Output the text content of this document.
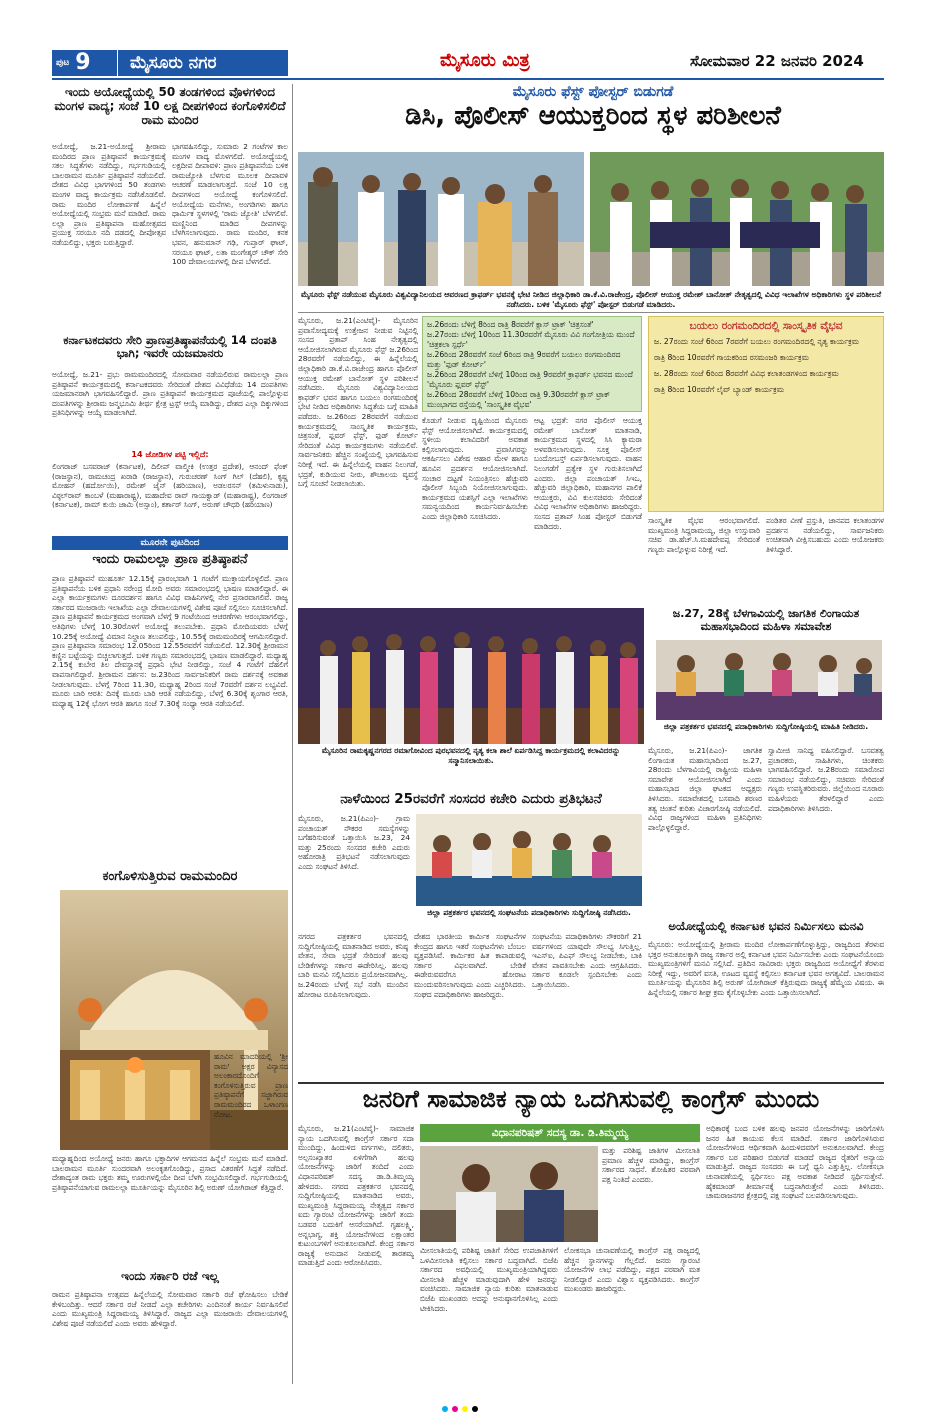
ಪುಟ 9	ಮೈಸೂರು ನಗರ	ಮೈಸೂರು ಮಿತ್ರ	ಸೋಮವಾರ 22 ಜನವರಿ 2024
ಇಂದು ಅಯೋಧ್ಯೆಯಲ್ಲಿ 50 ತಂಡಗಳಿಂದ ವೊಳಗಳಿಂದ ಮಂಗಳ ವಾದ್ಯ; ಸಂಜೆ 10 ಲಕ್ಷ ದೀಪಗಳಿಂದ ಕಂಗೊಳಿಸಲಿದೆ ರಾಮ ಮಂದಿರ
ಅಯೋಧ್ಯೆ, ಜ.21-ಅಯೋಧ್ಯೆ ಶ್ರೀರಾಮ ಮಂದಿರದ ಪ್ರಾಣ ಪ್ರತಿಷ್ಠಾಪನೆ ಕಾರ್ಯಕ್ರಮಕ್ಕೆ ಸಕಲ ಸಿದ್ಧತೆಗಳು ನಡೆದಿದ್ದು, ಗರ್ಭಗುಡಿಯಲ್ಲಿ ಬಾಲರಾಮನ ಮೂರ್ತಿ ಪ್ರತಿಷ್ಠಾಪನೆ ನಡೆಯಲಿದೆ. ದೇಶದ ವಿವಿಧ ಭಾಗಗಳಿಂದ 50 ತಂಡಗಳು ಮಂಗಳ ವಾದ್ಯ ಕಾರ್ಯಕ್ರಮ ನಡೆಸಿಕೊಡಲಿವೆ. ರಾಮ ಮಂದಿರ ಲೋಕಾರ್ಪಣೆ ಹಿನ್ನೆಲೆ ಅಯೋಧ್ಯೆಯಲ್ಲಿ ಸಂಭ್ರಮ ಮನೆ ಮಾಡಿದೆ. ರಾಮ ಲಲ್ಲಾ ಪ್ರಾಣ ಪ್ರತಿಷ್ಠಾಪನಾ ಮಹೋತ್ಸವದ ಪ್ರಯುಕ್ತ ಸರಯೂ ನದಿ ದಡದಲ್ಲಿ ದೀಪೋತ್ಸವ ನಡೆಯಲಿದ್ದು, ಭಕ್ತರು ಬರುತ್ತಿದ್ದಾರೆ.
ಭಾಗವಹಿಸಲಿದ್ದು, ಸುಮಾರು 2 ಗಂಟೆಗಳ ಕಾಲ ಮಂಗಳ ವಾದ್ಯ ಮೊಳಗಲಿದೆ. ಅಯೋಧ್ಯೆಯಲ್ಲಿ ಲಕ್ಷದೀಪ ದೀಪಾವಳಿ: ಪ್ರಾಣ ಪ್ರತಿಷ್ಠಾಪನೆಯ ಬಳಿಕ ರಾಮಜ್ಯೋತಿ ಬೆಳಗುವ ಮೂಲಕ ದೀಪಾವಳಿ ಆಚರಣೆ ಮಾಡಲಾಗುತ್ತದೆ. ಸಂಜೆ 10 ಲಕ್ಷ ದೀಪಗಳಿಂದ ಅಯೋಧ್ಯೆ ಕಂಗೊಳಿಸಲಿದೆ. ಅಯೋಧ್ಯೆಯ ಮನೆಗಳು, ಅಂಗಡಿಗಳು ಹಾಗೂ ಧಾರ್ಮಿಕ ಸ್ಥಳಗಳಲ್ಲಿ 'ರಾಮ ಜ್ಯೋತಿ' ಬೆಳಗಲಿವೆ. ಮಣ್ಣಿನಿಂದ ಮಾಡಿದ ದೀಪಗಳನ್ನು ಬೆಳಗಿಸಲಾಗುವುದು. ರಾಮ ಮಂದಿರ, ಕನಕ ಭವನ, ಹನುಮಾನ್ ಗಢಿ, ಗುಪ್ತಾರ್ ಘಾಟ್, ಸರಯೂ ಘಾಟ್, ಲತಾ ಮಂಗೇಶ್ಕರ್ ಚೌಕ್ ಸೇರಿ 100 ದೇವಾಲಯಗಳಲ್ಲಿ ದೀಪ ಬೆಳಗಲಿದೆ.
ಕರ್ನಾಟಕದವರು ಸೇರಿ ಪ್ರಾಣಪ್ರತಿಷ್ಠಾಪನೆಯಲ್ಲಿ 14 ದಂಪತಿ ಭಾಗಿ; ಇವರೇ ಯಜಮಾನರು
ಅಯೋಧ್ಯೆ, ಜ.21- ಪ್ರಭು ರಾಮಮಂದಿರದಲ್ಲಿ ಸೋಮವಾರ ನಡೆಯಲಿರುವ ರಾಮಲಲ್ಲಾ ಪ್ರಾಣ ಪ್ರತಿಷ್ಠಾಪನೆ ಕಾರ್ಯಕ್ರಮದಲ್ಲಿ ಕರ್ನಾಟಕದವರು ಸೇರಿದಂತೆ ದೇಶದ ವಿವಿಧೆಡೆಯ 14 ದಂಪತಿಗಳು ಯಜಮಾನರಾಗಿ ಭಾಗವಹಿಸಲಿದ್ದಾರೆ. ಪ್ರಾಣ ಪ್ರತಿಷ್ಠಾಪನೆ ಕಾರ್ಯಕ್ರಮದ ಪೂಜೆಯಲ್ಲಿ ಪಾಲ್ಗೊಳ್ಳುವ ದಂಪತಿಗಳನ್ನು ಶ್ರೀರಾಮ ಜನ್ಮಭೂಮಿ ತೀರ್ಥ ಕ್ಷೇತ್ರ ಟ್ರಸ್ಟ್ ಆಯ್ಕೆ ಮಾಡಿದ್ದು, ದೇಶದ ಎಲ್ಲಾ ದಿಕ್ಕುಗಳಿಂದ ಪ್ರತಿನಿಧಿಗಳನ್ನು ಆಯ್ಕೆ ಮಾಡಲಾಗಿದೆ.
14 ಜೋಡಿಗಳ ಪಟ್ಟಿ ಇಲ್ಲಿದೆ:
ಲಿಂಗರಾಜ್ ಬಸವರಾಜ್ (ಕರ್ನಾಟಕ), ದಿಲೀಪ್ ವಾಲ್ಮೀಕಿ (ಉತ್ತರ ಪ್ರದೇಶ), ಆನಂದ್ ಫೆಂಕ್ (ರಾಜಸ್ಥಾನ), ರಾಮಚಂದ್ರ ಖರಾಡಿ (ರಾಜಸ್ಥಾನ), ಗುರುಚರಣ್ ಸಿಂಗ್ ಗಿಲ್ (ದೆಹಲಿ), ಕೃಷ್ಣ ಮೋಹನ್ (ಹರ್ದೋಯಿ), ರಮೇಶ್ ಜೈನ್ (ಹರಿಯಾಣ), ಅಡಲರಸನ್ (ತಮಿಳುನಾಡು), ವಿಠ್ಠಲ್‌ರಾವ್ ಕಾಂಬಳೆ (ಮಹಾರಾಷ್ಟ್ರ), ಮಹಾದೇವ ರಾವ್ ಗಾಯಕ್ವಾಡ್ (ಮಹಾರಾಷ್ಟ್ರ), ಲಿಂಗರಾಜ್ (ಕರ್ನಾಟಕ), ರಾಮ್ ಕುಯಿ ಜಾಮಿ (ಅಸ್ಸಾಂ), ಕರ್ತಾರ್ ಸಿಂಗ್, ಅರುಣ್ ಚೌಧರಿ (ಹರಿಯಾಣ)
ಮೂರನೇ ಪುಟದಿಂದ
ಇಂದು ರಾಮಲಲ್ಲಾ ಪ್ರಾಣ ಪ್ರತಿಷ್ಠಾಪನೆ
ಪ್ರಾಣ ಪ್ರತಿಷ್ಠಾಪನೆ ಮುಹೂರ್ತ 12.15ಕ್ಕೆ ಪ್ರಾರಂಭವಾಗಿ 1 ಗಂಟೆಗೆ ಮುಕ್ತಾಯಗೊಳ್ಳಲಿದೆ. ಪ್ರಾಣ ಪ್ರತಿಷ್ಠಾಪನೆಯ ಬಳಿಕ ಪ್ರಧಾನಿ ನರೇಂದ್ರ ಮೋದಿ ಅವರು ಸಮಾರಂಭದಲ್ಲಿ ಭಾಷಣ ಮಾಡಲಿದ್ದಾರೆ. ಈ ಎಲ್ಲಾ ಕಾರ್ಯಕ್ರಮಗಳು ದೂರದರ್ಶನ ಹಾಗೂ ವಿವಿಧ ವಾಹಿನಿಗಳಲ್ಲಿ ನೇರ ಪ್ರಸಾರವಾಗಲಿವೆ. ರಾಜ್ಯ ಸರ್ಕಾರದ ಮುಜರಾಯಿ ಇಲಾಖೆಯ ಎಲ್ಲಾ ದೇವಾಲಯಗಳಲ್ಲಿ ವಿಶೇಷ ಪೂಜೆ ಸಲ್ಲಿಸಲು ಸೂಚಿಸಲಾಗಿದೆ. ಪ್ರಾಣ ಪ್ರತಿಷ್ಠಾಪನೆ ಕಾರ್ಯಕ್ರಮದ ಅಂಗವಾಗಿ ಬೆಳಗ್ಗೆ 9 ಗಂಟೆಯಿಂದ ಆಚರಣೆಗಳು ಆರಂಭವಾಗಲಿದ್ದು, ಅತಿಥಿಗಳು ಬೆಳಗ್ಗೆ 10.30ರೊಳಗೆ ಅಯೋಧ್ಯೆ ತಲುಪಬೇಕು. ಪ್ರಧಾನಿ ಮೋದಿಯವರು ಬೆಳಗ್ಗೆ 10.25ಕ್ಕೆ ಅಯೋಧ್ಯೆ ವಿಮಾನ ನಿಲ್ದಾಣ ತಲುಪಲಿದ್ದು, 10.55ಕ್ಕೆ ರಾಮಮಂದಿರಕ್ಕೆ ಆಗಮಿಸಲಿದ್ದಾರೆ. ಪ್ರಾಣ ಪ್ರತಿಷ್ಠಾಪನಾ ಸಮಾರಂಭ 12.05ರಿಂದ 12.55ರವರೆಗೆ ನಡೆಯಲಿದೆ. 12.30ಕ್ಕೆ ಶ್ರೀರಾಮನ ಕಣ್ಣಿನ ಬಟ್ಟೆಯನ್ನು ಬಿಚ್ಚಲಾಗುತ್ತದೆ. ಬಳಿಕ ಗಣ್ಯರು ಸಮಾರಂಭದಲ್ಲಿ ಭಾಷಣ ಮಾಡಲಿದ್ದಾರೆ. ಮಧ್ಯಾಹ್ನ 2.15ಕ್ಕೆ ಕುಬೇರ ತಿಲ ದೇವಸ್ಥಾನಕ್ಕೆ ಪ್ರಧಾನಿ ಭೇಟಿ ನೀಡಲಿದ್ದು, ಸಂಜೆ 4 ಗಂಟೆಗೆ ದೆಹಲಿಗೆ ವಾಪಸಾಗಲಿದ್ದಾರೆ. ಶ್ರೀರಾಮನ ದರ್ಶನ: ಜ.23ರಿಂದ ಸಾರ್ವಜನಿಕರಿಗೆ ರಾಮ ದರ್ಶನಕ್ಕೆ ಅವಕಾಶ ನೀಡಲಾಗುವುದು. ಬೆಳಗ್ಗೆ 7ರಿಂದ 11.30, ಮಧ್ಯಾಹ್ನ 2ರಿಂದ ಸಂಜೆ 7ರವರೆಗೆ ದರ್ಶನ ಲಭ್ಯವಿದೆ. ಮೂರು ಬಾರಿ ಆರತಿ: ದಿನಕ್ಕೆ ಮೂರು ಬಾರಿ ಆರತಿ ನಡೆಯಲಿದ್ದು, ಬೆಳಗ್ಗೆ 6.30ಕ್ಕೆ ಶೃಂಗಾರ ಆರತಿ, ಮಧ್ಯಾಹ್ನ 12ಕ್ಕೆ ಭೋಗ ಆರತಿ ಹಾಗೂ ಸಂಜೆ 7.30ಕ್ಕೆ ಸಂಧ್ಯಾ ಆರತಿ ನಡೆಯಲಿದೆ.
ಕಂಗೊಳಿಸುತ್ತಿರುವ ರಾಮಮಂದಿರ
ಹೂವಿನ ಮಾದರಿಯಲ್ಲಿ 'ಶ್ರೀ ರಾಮ' ಅಕ್ಷರ ವಿನ್ಯಾಸದ ಅಲಂಕಾರದೊಂದಿಗೆ ಕಂಗೊಳಿಸುತ್ತಿರುವ ಪ್ರಾಣ ಪ್ರತಿಷ್ಠಾಪನೆಗೆ ಸಜ್ಜಾಗಿರುವ ರಾಮಮಂದಿರದ ಒಳಾಂಗಣ ನೋಟ.
ಮಧ್ಯಾಹ್ನದಿಂದ ಅಯೋಧ್ಯೆ ಜನರು ಹಾಗೂ ಭಕ್ತಾದಿಗಳ ಆಗಮನದ ಹಿನ್ನೆಲೆ ಸಂಭ್ರಮ ಮನೆ ಮಾಡಿದೆ. ಬಾಲರಾಮನ ಮೂರ್ತಿ ಸುಂದರವಾಗಿ ಅಲಂಕೃತಗೊಂಡಿದ್ದು, ಪ್ರಸಾದ ವಿತರಣೆಗೆ ಸಿದ್ಧತೆ ನಡೆದಿದೆ. ದೇಶಾದ್ಯಂತ ರಾಮ ಭಕ್ತರು ತಮ್ಮ ಊರುಗಳಲ್ಲಿಯೇ ದೀಪ ಬೆಳಗಿ ಸಂಭ್ರಮಿಸಲಿದ್ದಾರೆ. ಗರ್ಭಗುಡಿಯಲ್ಲಿ ಪ್ರತಿಷ್ಠಾಪನೆಯಾಗುವ ರಾಮಲಲ್ಲಾ ಮೂರ್ತಿಯನ್ನು ಮೈಸೂರಿನ ಶಿಲ್ಪಿ ಅರುಣ್ ಯೋಗಿರಾಜ್ ಕೆತ್ತಿದ್ದಾರೆ.
ಇಂದು ಸರ್ಕಾರಿ ರಜೆ ಇಲ್ಲ
ರಾಮನ ಪ್ರತಿಷ್ಠಾಪನಾ ಉತ್ಸವದ ಹಿನ್ನೆಲೆಯಲ್ಲಿ ಸೋಮವಾರ ಸರ್ಕಾರಿ ರಜೆ ಘೋಷಿಸಲು ಬೇಡಿಕೆ ಕೇಳಿಬಂದಿತ್ತು. ಆದರೆ ಸರ್ಕಾರ ರಜೆ ನೀಡದೆ ಎಲ್ಲಾ ಕಚೇರಿಗಳು ಎಂದಿನಂತೆ ಕಾರ್ಯ ನಿರ್ವಹಿಸಲಿವೆ ಎಂದು ಮುಖ್ಯಮಂತ್ರಿ ಸಿದ್ದರಾಮಯ್ಯ ತಿಳಿಸಿದ್ದಾರೆ. ರಾಜ್ಯದ ಎಲ್ಲಾ ಮುಜರಾಯಿ ದೇವಾಲಯಗಳಲ್ಲಿ ವಿಶೇಷ ಪೂಜೆ ನಡೆಯಲಿದೆ ಎಂದು ಅವರು ಹೇಳಿದ್ದಾರೆ.
ಮೈಸೂರು ಫೆಸ್ಟ್ ಪೋಸ್ಟರ್ ಬಿಡುಗಡೆ
ಡಿಸಿ, ಪೊಲೀಸ್ ಆಯುಕ್ತರಿಂದ ಸ್ಥಳ ಪರಿಶೀಲನೆ
ಮೈಸೂರು ಫೆಸ್ಟ್ ನಡೆಯುವ ಮೈಸೂರು ವಿಶ್ವವಿದ್ಯಾನಿಲಯದ ಆವರಣದ ಕ್ರಾಫರ್ಡ್ ಭವನಕ್ಕೆ ಭೇಟಿ ನೀಡಿದ ಜಿಲ್ಲಾಧಿಕಾರಿ ಡಾ.ಕೆ.ವಿ.ರಾಜೇಂದ್ರ, ಪೊಲೀಸ್ ಆಯುಕ್ತ ರಮೇಶ್ ಬಾನೋತ್ ನೇತೃತ್ವದಲ್ಲಿ ವಿವಿಧ ಇಲಾಖೆಗಳ ಅಧಿಕಾರಿಗಳು ಸ್ಥಳ ಪರಿಶೀಲನೆ ನಡೆಸಿದರು. ಬಳಿಕ 'ಮೈಸೂರು ಫೆಸ್ಟ್' ಪೋಸ್ಟರ್ ಬಿಡುಗಡೆ ಮಾಡಿದರು.
ಮೈಸೂರು, ಜ.21(ಎಂಟಿವೈ)- ಮೈಸೂರಿನ ಪ್ರವಾಸೋದ್ಯಮಕ್ಕೆ ಉತ್ತೇಜನ ನೀಡುವ ನಿಟ್ಟಿನಲ್ಲಿ ಸಂಸದ ಪ್ರತಾಪ್ ಸಿಂಹ ನೇತೃತ್ವದಲ್ಲಿ ಆಯೋಜಿಸಲಾಗಿರುವ ಮೈಸೂರು ಫೆಸ್ಟ್ ಜ.26ರಿಂದ 28ರವರೆಗೆ ನಡೆಯಲಿದ್ದು, ಈ ಹಿನ್ನೆಲೆಯಲ್ಲಿ ಜಿಲ್ಲಾಧಿಕಾರಿ ಡಾ.ಕೆ.ವಿ.ರಾಜೇಂದ್ರ ಹಾಗೂ ಪೊಲೀಸ್ ಆಯುಕ್ತ ರಮೇಶ್ ಬಾನೋತ್ ಸ್ಥಳ ಪರಿಶೀಲನೆ ನಡೆಸಿದರು. ಮೈಸೂರು ವಿಶ್ವವಿದ್ಯಾನಿಲಯದ ಕ್ರಾಫರ್ಡ್ ಭವನ ಹಾಗೂ ಬಯಲು ರಂಗಮಂದಿರಕ್ಕೆ ಭೇಟಿ ನೀಡಿದ ಅಧಿಕಾರಿಗಳು ಸಿದ್ಧತೆಯ ಬಗ್ಗೆ ಮಾಹಿತಿ ಪಡೆದರು. ಜ.26ರಿಂದ 28ರವರೆಗೆ ನಡೆಯುವ ಕಾರ್ಯಕ್ರಮದಲ್ಲಿ ಸಾಂಸ್ಕೃತಿಕ ಕಾರ್ಯಕ್ರಮ, ಚಿತ್ರಸಂತೆ, ಫ್ಲವರ್ ಫೆಸ್ಟ್, ಫುಡ್ ಕೋರ್ಟ್ ಸೇರಿದಂತೆ ವಿವಿಧ ಕಾರ್ಯಕ್ರಮಗಳು ನಡೆಯಲಿವೆ. ಸಾರ್ವಜನಿಕರು ಹೆಚ್ಚಿನ ಸಂಖ್ಯೆಯಲ್ಲಿ ಭಾಗವಹಿಸುವ ನಿರೀಕ್ಷೆ ಇದೆ. ಈ ಹಿನ್ನೆಲೆಯಲ್ಲಿ ವಾಹನ ನಿಲುಗಡೆ, ಭದ್ರತೆ, ಕುಡಿಯುವ ನೀರು, ಶೌಚಾಲಯ ವ್ಯವಸ್ಥೆ ಬಗ್ಗೆ ಸೂಚನೆ ನೀಡಲಾಯಿತು.
ಜ.26ರಂದು ಬೆಳಿಗ್ಗೆ 8ರಿಂದ ರಾತ್ರಿ 8ರವರೆಗೆ ಕ್ಲಾಸ್ ಟ್ರಾಕ್ 'ಚಿತ್ರಸಂತೆ'
ಜ.27ರಂದು ಬೆಳಿಗ್ಗೆ 10ರಿಂದ 11.30ರವರೆಗೆ ಮೈಸೂರು ವಿವಿ ಗಂಗೋತ್ರಿಯ ಮುಂದೆ 'ಚಿತ್ರಕಲಾ ಸ್ಪರ್ಧೆ'
ಜ.26ರಿಂದ 28ರವರೆಗೆ ಸಂಜೆ 6ರಿಂದ ರಾತ್ರಿ 9ರವರೆಗೆ ಬಯಲು ರಂಗಮಂದಿರದ ಮತ್ತು 'ಫುಡ್ ಕೋರ್ಟ್'
ಜ.26ರಿಂದ 28ರವರೆಗೆ ಬೆಳಿಗ್ಗೆ 10ರಿಂದ ರಾತ್ರಿ 9ರವರೆಗೆ ಕ್ರಾಫರ್ಡ್ ಭವನದ ಮುಂದೆ 'ಮೈಸೂರು ಫ್ಲವರ್ ಫೆಸ್ಟ್'
ಜ.26ರಿಂದ 28ರವರೆಗೆ ಬೆಳಿಗ್ಗೆ 10ರಿಂದ ರಾತ್ರಿ 9.30ರವರೆಗೆ ಕ್ಲಾಸ್ ಟ್ರಾಕ್ ಮುಂಭಾಗದ ರಸ್ತೆಯಲ್ಲಿ 'ಸಾಂಸ್ಕೃತಿಕ ವೈಭವ'
ಕೊಡುಗೆ ನೀಡುವ ದೃಷ್ಟಿಯಿಂದ ಮೈಸೂರು ಫೆಸ್ಟ್ ಆಯೋಜಿಸಲಾಗಿದೆ. ಕಾರ್ಯಕ್ರಮದಲ್ಲಿ ಸ್ಥಳೀಯ ಕಲಾವಿದರಿಗೆ ಅವಕಾಶ ಕಲ್ಪಿಸಲಾಗುವುದು. ಪ್ರವಾಸಿಗರನ್ನು ಆಕರ್ಷಿಸಲು ವಿಶೇಷ ಆಹಾರ ಮೇಳ ಹಾಗೂ ಹೂವಿನ ಪ್ರದರ್ಶನ ಆಯೋಜಿಸಲಾಗಿದೆ. ಸಂಚಾರ ದಟ್ಟಣೆ ನಿಯಂತ್ರಿಸಲು ಹೆಚ್ಚುವರಿ ಪೊಲೀಸ್ ಸಿಬ್ಬಂದಿ ನಿಯೋಜಿಸಲಾಗುವುದು. ಕಾರ್ಯಕ್ರಮದ ಯಶಸ್ಸಿಗೆ ಎಲ್ಲಾ ಇಲಾಖೆಗಳು ಸಮನ್ವಯದಿಂದ ಕಾರ್ಯನಿರ್ವಹಿಸಬೇಕು ಎಂದು ಜಿಲ್ಲಾಧಿಕಾರಿ ಸೂಚಿಸಿದರು.
ಆಟ್ಟ ಭದ್ರತೆ: ನಗರ ಪೊಲೀಸ್ ಆಯುಕ್ತ ರಮೇಶ್ ಬಾನೋತ್ ಮಾತನಾಡಿ, ಕಾರ್ಯಕ್ರಮದ ಸ್ಥಳದಲ್ಲಿ ಸಿಸಿ ಕ್ಯಾಮರಾ ಅಳವಡಿಸಲಾಗುವುದು. ಸೂಕ್ತ ಪೊಲೀಸ್ ಬಂದೋಬಸ್ತ್ ಏರ್ಪಡಿಸಲಾಗುವುದು. ವಾಹನ ನಿಲುಗಡೆಗೆ ಪ್ರತ್ಯೇಕ ಸ್ಥಳ ಗುರುತಿಸಲಾಗಿದೆ ಎಂದರು. ಜಿಲ್ಲಾ ಪಂಚಾಯತ್ ಸಿಇಒ, ಹೆಚ್ಚುವರಿ ಜಿಲ್ಲಾಧಿಕಾರಿ, ಮಹಾನಗರ ಪಾಲಿಕೆ ಆಯುಕ್ತರು, ವಿವಿ ಕುಲಸಚಿವರು ಸೇರಿದಂತೆ ವಿವಿಧ ಇಲಾಖೆಗಳ ಅಧಿಕಾರಿಗಳು ಹಾಜರಿದ್ದರು. ಸಂಸದ ಪ್ರತಾಪ್ ಸಿಂಹ ಪೋಸ್ಟರ್ ಬಿಡುಗಡೆ ಮಾಡಿದರು.
ಬಯಲು ರಂಗಮಂದಿರದಲ್ಲಿ ಸಾಂಸ್ಕೃತಿಕ ವೈಭವ
ಜ. 27ರಂದು ಸಂಜೆ 6ರಿಂದ 7ರವರೆಗೆ ಬಯಲು ರಂಗಮಂದಿರದಲ್ಲಿ ನೃತ್ಯ ಕಾರ್ಯಕ್ರಮ
ರಾತ್ರಿ 8ರಿಂದ 10ರವರೆಗೆ ಗಾಯಕರಿಂದ ರಸಮಂಜರಿ ಕಾರ್ಯಕ್ರಮ
ಜ. 28ರಂದು ಸಂಜೆ 6ರಿಂದ 8ರವರೆಗೆ ವಿವಿಧ ಕಲಾತಂಡಗಳಿಂದ ಕಾರ್ಯಕ್ರಮ
ರಾತ್ರಿ 8ರಿಂದ 10ರವರೆಗೆ ಲೈವ್ ಬ್ಯಾಂಡ್ ಕಾರ್ಯಕ್ರಮ
ಸಾಂಸ್ಕೃತಿಕ ವೈಭವ ಆರಂಭವಾಗಲಿದೆ. ಮುಖ್ಯಮಂತ್ರಿ ಸಿದ್ದರಾಮಯ್ಯ, ಜಿಲ್ಲಾ ಉಸ್ತುವಾರಿ ಸಚಿವ ಡಾ.ಹೆಚ್.ಸಿ.ಮಹದೇವಪ್ಪ ಸೇರಿದಂತೆ ಗಣ್ಯರು ಪಾಲ್ಗೊಳ್ಳುವ ನಿರೀಕ್ಷೆ ಇದೆ.
ಪಂಡಿತರ ವೀಣೆ ಪ್ರಸ್ತುತಿ, ಜಾನಪದ ಕಲಾತಂಡಗಳ ಪ್ರದರ್ಶನ ನಡೆಯಲಿದ್ದು, ಸಾರ್ವಜನಿಕರು ಉಚಿತವಾಗಿ ವೀಕ್ಷಿಸಬಹುದು ಎಂದು ಆಯೋಜಕರು ತಿಳಿಸಿದ್ದಾರೆ.
ಮೈಸೂರಿನ ರಾಮಕೃಷ್ಣನಗರದ ರಮಾಗೋವಿಂದ ಪುರಭವನದಲ್ಲಿ ನೃತ್ಯ ಕಲಾ ಶಾಲೆ ಏರ್ಪಡಿಸಿದ್ದ ಕಾರ್ಯಕ್ರಮದಲ್ಲಿ ಕಲಾವಿದರನ್ನು ಸನ್ಮಾನಿಸಲಾಯಿತು.
ಜ.27, 28ಕ್ಕೆ ಬೆಳಗಾವಿಯಲ್ಲಿ ಜಾಗತಿಕ ಲಿಂಗಾಯತ ಮಹಾಸಭಾದಿಂದ ಮಹಿಳಾ ಸಮಾವೇಶ
ಜಿಲ್ಲಾ ಪತ್ರಕರ್ತರ ಭವನದಲ್ಲಿ ಪದಾಧಿಕಾರಿಗಳು ಸುದ್ದಿಗೋಷ್ಠಿಯಲ್ಲಿ ಮಾಹಿತಿ ನೀಡಿದರು.
ಮೈಸೂರು, ಜ.21(ಪಿಎಂ)- ಜಾಗತಿಕ ಲಿಂಗಾಯತ ಮಹಾಸಭಾದಿಂದ ಜ.27, 28ರಂದು ಬೆಳಗಾವಿಯಲ್ಲಿ ರಾಷ್ಟ್ರೀಯ ಮಹಿಳಾ ಸಮಾವೇಶ ಆಯೋಜಿಸಲಾಗಿದೆ ಎಂದು ಮಹಾಸಭಾದ ಜಿಲ್ಲಾ ಘಟಕದ ಅಧ್ಯಕ್ಷರು ತಿಳಿಸಿದರು. ಸಮಾವೇಶದಲ್ಲಿ ಬಸವಾದಿ ಶರಣರ ತತ್ವ ಚಿಂತನೆ ಕುರಿತು ವಿಚಾರಗೋಷ್ಠಿ ನಡೆಯಲಿದೆ. ವಿವಿಧ ರಾಜ್ಯಗಳಿಂದ ಮಹಿಳಾ ಪ್ರತಿನಿಧಿಗಳು ಪಾಲ್ಗೊಳ್ಳಲಿದ್ದಾರೆ.
ಸ್ವಾಮೀಜಿ ಸಾನಿಧ್ಯ ವಹಿಸಲಿದ್ದಾರೆ. ಬಸವತತ್ವ ಪ್ರಚಾರಕರು, ಸಾಹಿತಿಗಳು, ಚಿಂತಕರು ಭಾಗವಹಿಸಲಿದ್ದಾರೆ. ಜ.28ರಂದು ಸಮಾರೋಪ ಸಮಾರಂಭ ನಡೆಯಲಿದ್ದು, ಸಚಿವರು ಸೇರಿದಂತೆ ಗಣ್ಯರು ಉಪಸ್ಥಿತರಿರುವರು. ಜಿಲ್ಲೆಯಿಂದ ನೂರಾರು ಮಹಿಳೆಯರು ತೆರಳಲಿದ್ದಾರೆ ಎಂದು ಪದಾಧಿಕಾರಿಗಳು ತಿಳಿಸಿದರು.
ನಾಳೆಯಿಂದ 25ರವರೆಗೆ ಸಂಸದರ ಕಚೇರಿ ಎದುರು ಪ್ರತಿಭಟನೆ
ಮೈಸೂರು, ಜ.21(ಪಿಎಂ)- ಗ್ರಾಮ ಪಂಚಾಯತ್ ನೌಕರರ ಸಮಸ್ಯೆಗಳನ್ನು ಬಗೆಹರಿಸುವಂತೆ ಒತ್ತಾಯಿಸಿ ಜ.23, 24 ಮತ್ತು 25ರಂದು ಸಂಸದರ ಕಚೇರಿ ಎದುರು ಅಹೋರಾತ್ರಿ ಪ್ರತಿಭಟನೆ ನಡೆಸಲಾಗುವುದು ಎಂದು ಸಂಘಟನೆ ತಿಳಿಸಿದೆ.
ಜಿಲ್ಲಾ ಪತ್ರಕರ್ತರ ಭವನದಲ್ಲಿ ಸಂಘಟನೆಯ ಪದಾಧಿಕಾರಿಗಳು ಸುದ್ದಿಗೋಷ್ಠಿ ನಡೆಸಿದರು.
ನಗರದ ಪತ್ರಕರ್ತರ ಭವನದಲ್ಲಿ ಸುದ್ದಿಗೋಷ್ಠಿಯಲ್ಲಿ ಮಾತನಾಡಿದ ಅವರು, ಕನಿಷ್ಠ ವೇತನ, ಸೇವಾ ಭದ್ರತೆ ಸೇರಿದಂತೆ ಹಲವು ಬೇಡಿಕೆಗಳನ್ನು ಸರ್ಕಾರ ಈಡೇರಿಸಿಲ್ಲ. ಹಲವು ಬಾರಿ ಮನವಿ ಸಲ್ಲಿಸಿದರೂ ಪ್ರಯೋಜನವಾಗಿಲ್ಲ. ಜ.24ರಂದು ಬೆಳಗ್ಗೆ ಸಭೆ ನಡೆಸಿ ಮುಂದಿನ ಹೋರಾಟ ರೂಪಿಸಲಾಗುವುದು.
ದೇಶದ ಭಾರತೀಯ ಕಾರ್ಮಿಕ ಸಂಘಟನೆಗಳ ಕೇಂದ್ರದ ಹಾಗೂ ಇತರೆ ಸಂಘಟನೆಗಳು ಬೆಂಬಲ ವ್ಯಕ್ತಪಡಿಸಿವೆ. ಕಾರ್ಮಿಕರ ಹಿತ ಕಾಪಾಡುವಲ್ಲಿ ಸರ್ಕಾರ ವಿಫಲವಾಗಿದೆ. ಬೇಡಿಕೆ ಈಡೇರುವವರೆಗೂ ಹೋರಾಟ ಮುಂದುವರಿಸಲಾಗುವುದು ಎಂದು ಎಚ್ಚರಿಸಿದರು. ಸಂಘದ ಪದಾಧಿಕಾರಿಗಳು ಹಾಜರಿದ್ದರು.
ಸಂಘಟನೆಯ ಪದಾಧಿಕಾರಿಗಳು ನೌಕರರಿಗೆ 21 ವರ್ಷಗಳಿಂದ ಯಾವುದೇ ಸೌಲಭ್ಯ ಸಿಗುತ್ತಿಲ್ಲ. ಇಎಸ್‌ಐ, ಪಿಎಫ್ ಸೌಲಭ್ಯ ನೀಡಬೇಕು, ಬಾಕಿ ವೇತನ ಪಾವತಿಸಬೇಕು ಎಂದು ಆಗ್ರಹಿಸಿದರು. ಸರ್ಕಾರ ಕೂಡಲೇ ಸ್ಪಂದಿಸಬೇಕು ಎಂದು ಒತ್ತಾಯಿಸಿದರು.
ಅಯೋಧ್ಯೆಯಲ್ಲಿ ಕರ್ನಾಟಕ ಭವನ ನಿರ್ಮಿಸಲು ಮನವಿ
ಮೈಸೂರು: ಅಯೋಧ್ಯೆಯಲ್ಲಿ ಶ್ರೀರಾಮ ಮಂದಿರ ಲೋಕಾರ್ಪಣೆಗೊಳ್ಳುತ್ತಿದ್ದು, ರಾಜ್ಯದಿಂದ ತೆರಳುವ ಭಕ್ತರ ಅನುಕೂಲಕ್ಕಾಗಿ ರಾಜ್ಯ ಸರ್ಕಾರ ಅಲ್ಲಿ ಕರ್ನಾಟಕ ಭವನ ನಿರ್ಮಿಸಬೇಕು ಎಂದು ಸಂಘಟನೆಯೊಂದು ಮುಖ್ಯಮಂತ್ರಿಗಳಿಗೆ ಮನವಿ ಸಲ್ಲಿಸಿದೆ. ಪ್ರತಿದಿನ ಸಾವಿರಾರು ಭಕ್ತರು ರಾಜ್ಯದಿಂದ ಅಯೋಧ್ಯೆಗೆ ತೆರಳುವ ನಿರೀಕ್ಷೆ ಇದ್ದು, ಅವರಿಗೆ ವಸತಿ, ಊಟದ ವ್ಯವಸ್ಥೆ ಕಲ್ಪಿಸಲು ಕರ್ನಾಟಕ ಭವನ ಅಗತ್ಯವಿದೆ. ಬಾಲರಾಮನ ಮೂರ್ತಿಯನ್ನು ಮೈಸೂರಿನ ಶಿಲ್ಪಿ ಅರುಣ್ ಯೋಗಿರಾಜ್ ಕೆತ್ತಿರುವುದು ರಾಜ್ಯಕ್ಕೆ ಹೆಮ್ಮೆಯ ವಿಷಯ. ಈ ಹಿನ್ನೆಲೆಯಲ್ಲಿ ಸರ್ಕಾರ ಶೀಘ್ರ ಕ್ರಮ ಕೈಗೊಳ್ಳಬೇಕು ಎಂದು ಒತ್ತಾಯಿಸಲಾಗಿದೆ.
ಜನರಿಗೆ ಸಾಮಾಜಿಕ ನ್ಯಾಯ ಒದಗಿಸುವಲ್ಲಿ ಕಾಂಗ್ರೆಸ್ ಮುಂದು
ಮೈಸೂರು, ಜ.21(ಎಂಟಿವೈ)- ಸಾಮಾಜಿಕ ನ್ಯಾಯ ಒದಗಿಸುವಲ್ಲಿ ಕಾಂಗ್ರೆಸ್ ಸರ್ಕಾರ ಸದಾ ಮುಂದಿದ್ದು, ಹಿಂದುಳಿದ ವರ್ಗಗಳು, ದಲಿತರು, ಅಲ್ಪಸಂಖ್ಯಾತರ ಏಳಿಗೆಗಾಗಿ ಹಲವು ಯೋಜನೆಗಳನ್ನು ಜಾರಿಗೆ ತಂದಿದೆ ಎಂದು ವಿಧಾನಪರಿಷತ್ ಸದಸ್ಯ ಡಾ.ಡಿ.ತಿಮ್ಮಯ್ಯ ಹೇಳಿದರು. ನಗರದ ಪತ್ರಕರ್ತರ ಭವನದಲ್ಲಿ ಸುದ್ದಿಗೋಷ್ಠಿಯಲ್ಲಿ ಮಾತನಾಡಿದ ಅವರು, ಮುಖ್ಯಮಂತ್ರಿ ಸಿದ್ದರಾಮಯ್ಯ ನೇತೃತ್ವದ ಸರ್ಕಾರ ಐದು ಗ್ಯಾರಂಟಿ ಯೋಜನೆಗಳನ್ನು ಜಾರಿಗೆ ತಂದು ಬಡವರ ಬದುಕಿಗೆ ಆಸರೆಯಾಗಿದೆ. ಗೃಹಲಕ್ಷ್ಮಿ, ಅನ್ನಭಾಗ್ಯ, ಶಕ್ತಿ ಯೋಜನೆಗಳಿಂದ ಲಕ್ಷಾಂತರ ಕುಟುಂಬಗಳಿಗೆ ಅನುಕೂಲವಾಗಿದೆ. ಕೇಂದ್ರ ಸರ್ಕಾರ ರಾಜ್ಯಕ್ಕೆ ಅನುದಾನ ನೀಡುವಲ್ಲಿ ತಾರತಮ್ಯ ಮಾಡುತ್ತಿದೆ ಎಂದು ಆರೋಪಿಸಿದರು.
ವಿಧಾನಪರಿಷತ್ ಸದಸ್ಯ ಡಾ. ಡಿ.ತಿಮ್ಮಯ್ಯ
ಮತ್ತು ಪರಿಶಿಷ್ಟ ಜಾತಿಗಳ ಮೀಸಲಾತಿ ಪ್ರಮಾಣ ಹೆಚ್ಚಳ ಮಾಡಿದ್ದು, ಕಾಂಗ್ರೆಸ್ ಸರ್ಕಾರದ ಸಾಧನೆ. ಶೋಷಿತರ ಪರವಾಗಿ ಪಕ್ಷ ನಿಂತಿದೆ ಎಂದರು.
ಮೀಸಲಾತಿಯಲ್ಲಿ ಪರಿಶಿಷ್ಟ ಜಾತಿಗೆ ಸೇರಿದ ಉಪಜಾತಿಗಳಿಗೆ ಒಳಮೀಸಲಾತಿ ಕಲ್ಪಿಸಲು ಸರ್ಕಾರ ಬದ್ಧವಾಗಿದೆ. ಬಿಜೆಪಿ ಸರ್ಕಾರದ ಅವಧಿಯಲ್ಲಿ ಮುಖ್ಯಮಂತ್ರಿಯಾಗಿದ್ದವರು ಮೀಸಲಾತಿ ಹೆಚ್ಚಳ ಮಾಡುವುದಾಗಿ ಹೇಳಿ ಜನರನ್ನು ವಂಚಿಸಿದರು. ಸಾಮಾಜಿಕ ನ್ಯಾಯ ಕುರಿತು ಮಾತನಾಡುವ ಬಿಜೆಪಿ ಮುಖಂಡರು ಅದನ್ನು ಅನುಷ್ಠಾನಗೊಳಿಸಿಲ್ಲ ಎಂದು ಟೀಕಿಸಿದರು.
ಲೋಕಸಭಾ ಚುನಾವಣೆಯಲ್ಲಿ ಕಾಂಗ್ರೆಸ್ ಪಕ್ಷ ರಾಜ್ಯದಲ್ಲಿ ಹೆಚ್ಚಿನ ಸ್ಥಾನಗಳನ್ನು ಗೆಲ್ಲಲಿದೆ. ಜನರು ಗ್ಯಾರಂಟಿ ಯೋಜನೆಗಳ ಲಾಭ ಪಡೆದಿದ್ದು, ಪಕ್ಷದ ಪರವಾಗಿ ಮತ ನೀಡಲಿದ್ದಾರೆ ಎಂದು ವಿಶ್ವಾಸ ವ್ಯಕ್ತಪಡಿಸಿದರು. ಕಾಂಗ್ರೆಸ್ ಮುಖಂಡರು ಹಾಜರಿದ್ದರು.
ಅಧಿಕಾರಕ್ಕೆ ಬಂದ ಬಳಿಕ ಹಲವು ಜನಪರ ಯೋಜನೆಗಳನ್ನು ಜಾರಿಗೊಳಿಸಿ ಜನರ ಹಿತ ಕಾಯುವ ಕೆಲಸ ಮಾಡಿದೆ. ಸರ್ಕಾರ ಜಾರಿಗೊಳಿಸಿರುವ ಯೋಜನೆಗಳಿಂದ ಆರ್ಥಿಕವಾಗಿ ಹಿಂದುಳಿದವರಿಗೆ ಅನುಕೂಲವಾಗಿದೆ. ಕೇಂದ್ರ ಸರ್ಕಾರ ಬರ ಪರಿಹಾರ ಬಿಡುಗಡೆ ಮಾಡದೆ ರಾಜ್ಯದ ರೈತರಿಗೆ ಅನ್ಯಾಯ ಮಾಡುತ್ತಿದೆ. ರಾಜ್ಯದ ಸಂಸದರು ಈ ಬಗ್ಗೆ ಧ್ವನಿ ಎತ್ತುತ್ತಿಲ್ಲ. ಲೋಕಸಭಾ ಚುನಾವಣೆಯಲ್ಲಿ ಸ್ಪರ್ಧಿಸಲು ಪಕ್ಷ ಅವಕಾಶ ನೀಡಿದರೆ ಸ್ಪರ್ಧಿಸುತ್ತೇನೆ. ಹೈಕಮಾಂಡ್ ತೀರ್ಮಾನಕ್ಕೆ ಬದ್ಧನಾಗಿರುತ್ತೇನೆ ಎಂದು ತಿಳಿಸಿದರು. ಚಾಮರಾಜನಗರ ಕ್ಷೇತ್ರದಲ್ಲಿ ಪಕ್ಷ ಸಂಘಟನೆ ಬಲಪಡಿಸಲಾಗುವುದು.
